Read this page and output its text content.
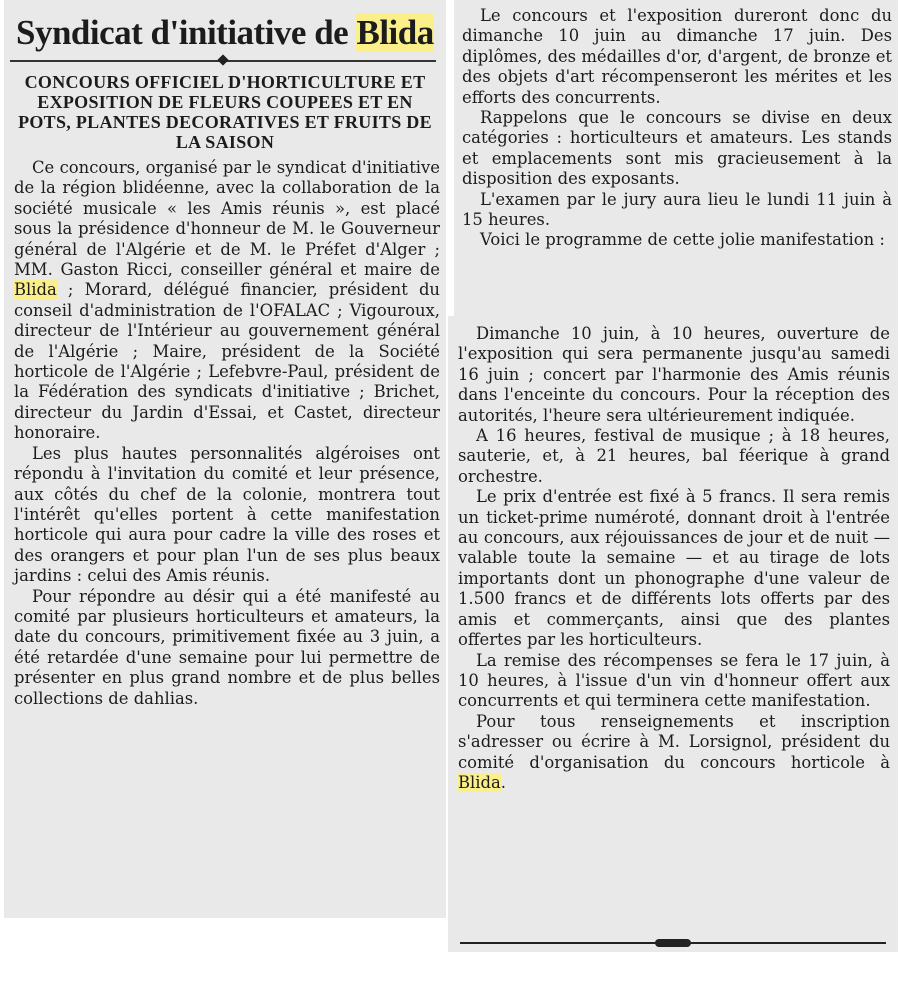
Syndicat d'initiative de Blida
CONCOURS OFFICIEL D'HORTICULTURE ET EXPOSITION DE FLEURS COUPEES ET EN POTS, PLANTES DECORATIVES ET FRUITS DE LA SAISON

Ce concours, organisé par le syndicat d'initiative de la région blidéenne, avec la collaboration de la société musicale « les Amis réunis », est placé sous la présidence d'honneur de M. le Gouverneur général de l'Algérie et de M. le Préfet d'Alger ; MM. Gaston Ricci, conseiller général et maire de Blida ; Morard, délégué financier, président du conseil d'administration de l'OFALAC ; Vigouroux, directeur de l'Intérieur au gouvernement général de l'Algérie ; Maire, président de la Société horticole de l'Algérie ; Lefebvre-Paul, président de la Fédération des syndicats d'initiative ; Brichet, directeur du Jardin d'Essai, et Castet, directeur honoraire.

Les plus hautes personnalités algéroises ont répondu à l'invitation du comité et leur présence, aux côtés du chef de la colonie, montrera tout l'intérêt qu'elles portent à cette manifestation horticole qui aura pour cadre la ville des roses et des orangers et pour plan l'un de ses plus beaux jardins : celui des Amis réunis.

Pour répondre au désir qui a été manifesté au comité par plusieurs horticulteurs et amateurs, la date du concours, primitivement fixée au 3 juin, a été retardée d'une semaine pour lui permettre de présenter en plus grand nombre et de plus belles collections de dahlias.

Le concours et l'exposition dureront donc du dimanche 10 juin au dimanche 17 juin. Des diplômes, des médailles d'or, d'argent, de bronze et des objets d'art récompenseront les mérites et les efforts des concurrents.

Rappelons que le concours se divise en deux catégories : horticulteurs et amateurs. Les stands et emplacements sont mis gracieusement à la disposition des exposants.

L'examen par le jury aura lieu le lundi 11 juin à 15 heures.

Voici le programme de cette jolie manifestation :

Dimanche 10 juin, à 10 heures, ouverture de l'exposition qui sera permanente jusqu'au samedi 16 juin ; concert par l'harmonie des Amis réunis dans l'enceinte du concours. Pour la réception des autorités, l'heure sera ultérieurement indiquée.

A 16 heures, festival de musique ; à 18 heures, sauterie, et, à 21 heures, bal féerique à grand orchestre.

Le prix d'entrée est fixé à 5 francs. Il sera remis un ticket-prime numéroté, donnant droit à l'entrée au concours, aux réjouissances de jour et de nuit — valable toute la semaine — et au tirage de lots importants dont un phonographe d'une valeur de 1.500 francs et de différents lots offerts par des amis et commerçants, ainsi que des plantes offertes par les horticulteurs.

La remise des récompenses se fera le 17 juin, à 10 heures, à l'issue d'un vin d'honneur offert aux concurrents et qui terminera cette manifestation.

Pour tous renseignements et inscription s'adresser ou écrire à M. Lorsignol, président du comité d'organisation du concours horticole à Blida.
